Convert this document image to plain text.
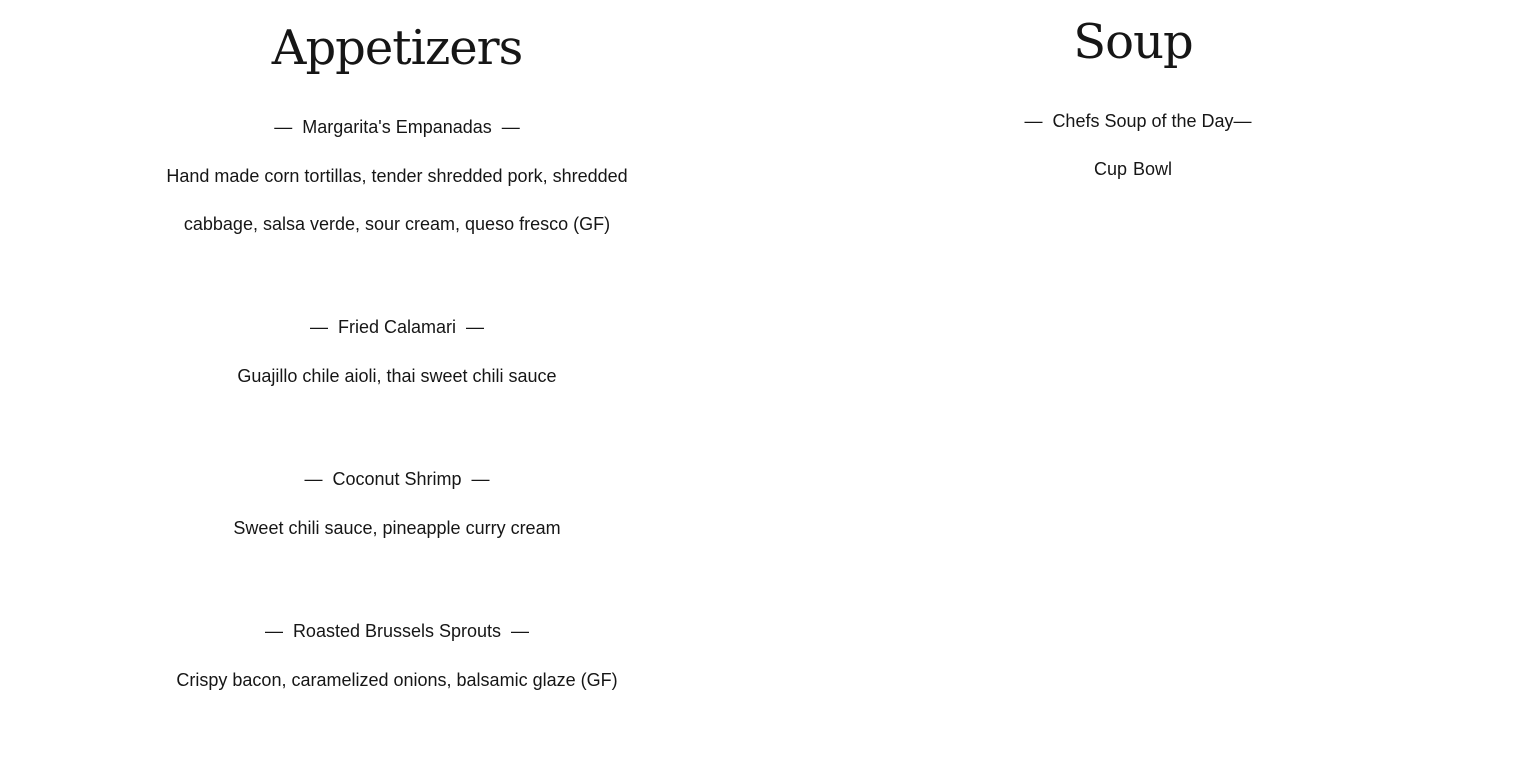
Appetizers

— Margarita's Empanadas —

Hand made corn tortillas, tender shredded pork, shredded
cabbage, salsa verde, sour cream, queso fresco (GF)

— Fried Calamari —

Guajillo chile aioli, thai sweet chili sauce

— Coconut Shrimp —

Sweet chili sauce, pineapple curry cream

— Roasted Brussels Sprouts —

Crispy bacon, caramelized onions, balsamic glaze (GF)

Soup

— Chefs Soup of the Day—

Cup Bowl
